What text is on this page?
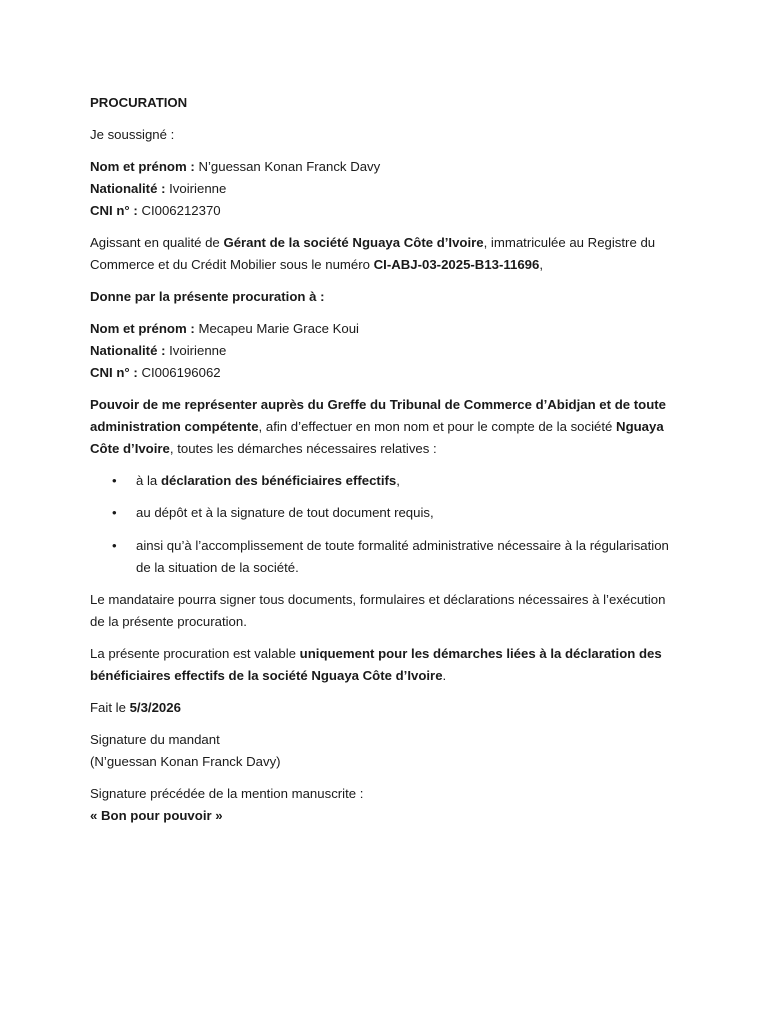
PROCURATION

Je soussigné :

Nom et prénom : N’guessan Konan Franck Davy

Nationalité : Ivoirienne

CNI n° : CI006212370

Agissant en qualité de Gérant de la société Nguaya Côte d’Ivoire, immatriculée au Registre du Commerce et du Crédit Mobilier sous le numéro CI-ABJ-03-2025-B13-11696,

Donne par la présente procuration à :

Nom et prénom : Mecapeu Marie Grace Koui

Nationalité : Ivoirienne

CNI n° : CI006196062

Pouvoir de me représenter auprès du Greffe du Tribunal de Commerce d’Abidjan et de toute administration compétente, afin d’effectuer en mon nom et pour le compte de la société Nguaya Côte d’Ivoire, toutes les démarches nécessaires relatives :

• à la déclaration des bénéficiaires effectifs,
• au dépôt et à la signature de tout document requis,
• ainsi qu’à l’accomplissement de toute formalité administrative nécessaire à la régularisation de la situation de la société.

Le mandataire pourra signer tous documents, formulaires et déclarations nécessaires à l’exécution de la présente procuration.

La présente procuration est valable uniquement pour les démarches liées à la déclaration des bénéficiaires effectifs de la société Nguaya Côte d’Ivoire.

Fait le 5/3/2026

Signature du mandant

(N’guessan Konan Franck Davy)

Signature précédée de la mention manuscrite :

« Bon pour pouvoir »
